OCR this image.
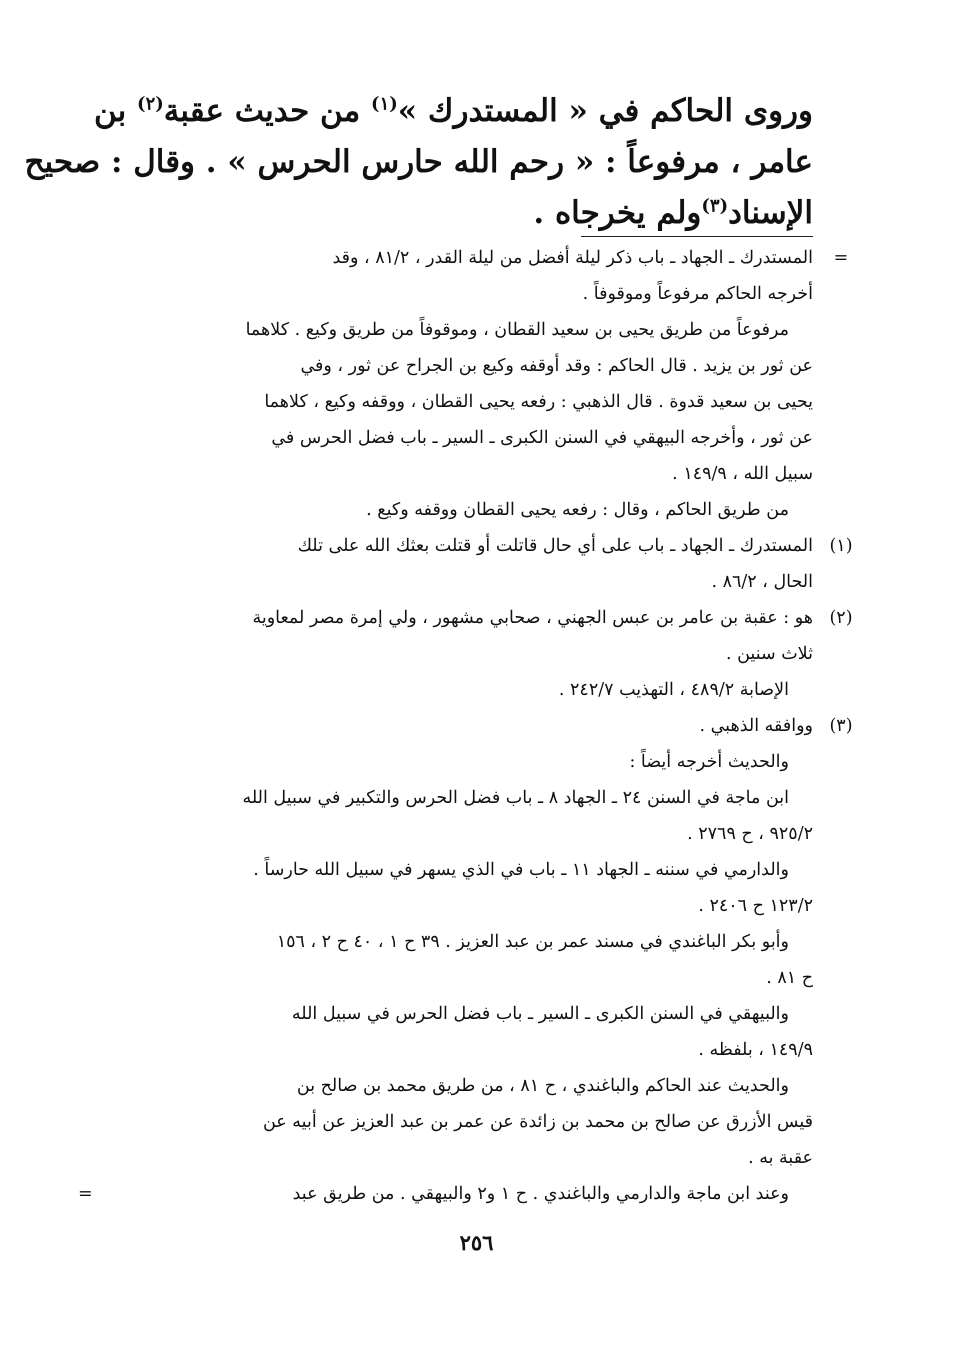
وروى الحاكم في « المستدرك »$^{(١)}$ من حديث عقبة$^{(٢)}$ بن
عامر ، مرفوعاً : « رحم الله حارس الحرس » . وقال : صحيح
الإسناد$^{(٣)}$ولم يخرجاه .
=
المستدرك ـ الجهاد ـ باب ذكر ليلة أفضل من ليلة القدر ، ٨١/٢ ، وقد
أخرجه الحاكم مرفوعاً وموقوفاً .
مرفوعاً من طريق يحيى بن سعيد القطان ، وموقوفاً من طريق وكيع . كلاهما
عن ثور بن يزيد . قال الحاكم : وقد أوقفه وكيع بن الجراح عن ثور ، وفي
يحيى بن سعيد قدوة . قال الذهبي : رفعه يحيى القطان ، ووقفه وكيع ، كلاهما
عن ثور ، وأخرجه البيهقي في السنن الكبرى ـ السير ـ باب فضل الحرس في
سبيل الله ، ١٤٩/٩ .
من طريق الحاكم ، وقال : رفعه يحيى القطان ووقفه وكيع .
(١)
المستدرك ـ الجهاد ـ باب على أي حال قاتلت أو قتلت بعثك الله على تلك
الحال ، ٨٦/٢ .
(٢)
هو : عقبة بن عامر بن عبس الجهني ، صحابي مشهور ، ولي إمرة مصر لمعاوية
ثلاث سنين .
الإصابة ٤٨٩/٢ ، التهذيب ٢٤٢/٧ .
(٣)
ووافقه الذهبي .
والحديث أخرجه أيضاً :
ابن ماجة في السنن ٢٤ ـ الجهاد ٨ ـ باب فضل الحرس والتكبير في سبيل الله
٩٢٥/٢ ، ح ٢٧٦٩ .
والدارمي في سننه ـ الجهاد ١١ ـ باب في الذي يسهر في سبيل الله حارساً .
١٢٣/٢ ح ٢٤٠٦ .
وأبو بكر الباغندي في مسند عمر بن عبد العزيز . ٣٩ ح ١ ، ٤٠ ح ٢ ، ١٥٦
ح ٨١ .
والبيهقي في السنن الكبرى ـ السير ـ باب فضل الحرس في سبيل الله
١٤٩/٩ ، بلفظه .
والحديث عند الحاكم والباغندي ، ح ٨١ ، من طريق محمد بن صالح بن
قيس الأزرق عن صالح بن محمد بن زائدة عن عمر بن عبد العزيز عن أبيه عن
عقبة به .
وعند ابن ماجة والدارمي والباغندي . ح ١ و٢ والبيهقي . من طريق عبد
=
٢٥٦
